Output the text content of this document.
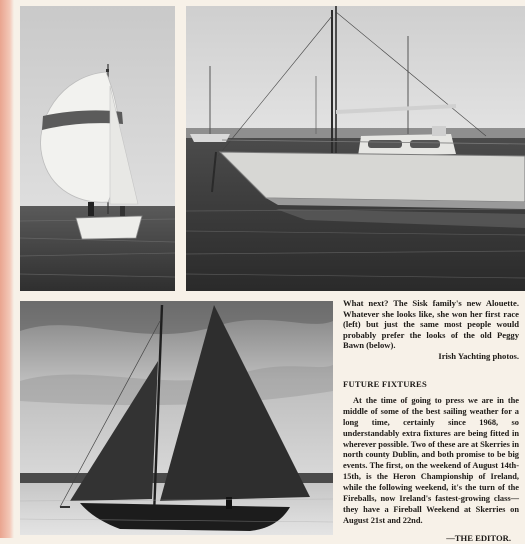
What next? The Sisk family's new Alouette. Whatever she looks like, she won her first race (left) but just the same most people would probably prefer the looks of the old Peggy Bawn (below).
Irish Yachting photos.
FUTURE FIXTURES
At the time of going to press we are in the middle of some of the best sailing weather for a long time, certainly since 1968, so understandably extra fixtures are being fitted in wherever possible. Two of these are at Skerries in north county Dublin, and both promise to be big events. The first, on the weekend of August 14th-15th, is the Heron Championship of Ireland, while the following weekend, it's the turn of the Fireballs, now Ireland's fastest-growing class—they have a Fireball Weekend at Skerries on August 21st and 22nd.
—THE EDITOR.
